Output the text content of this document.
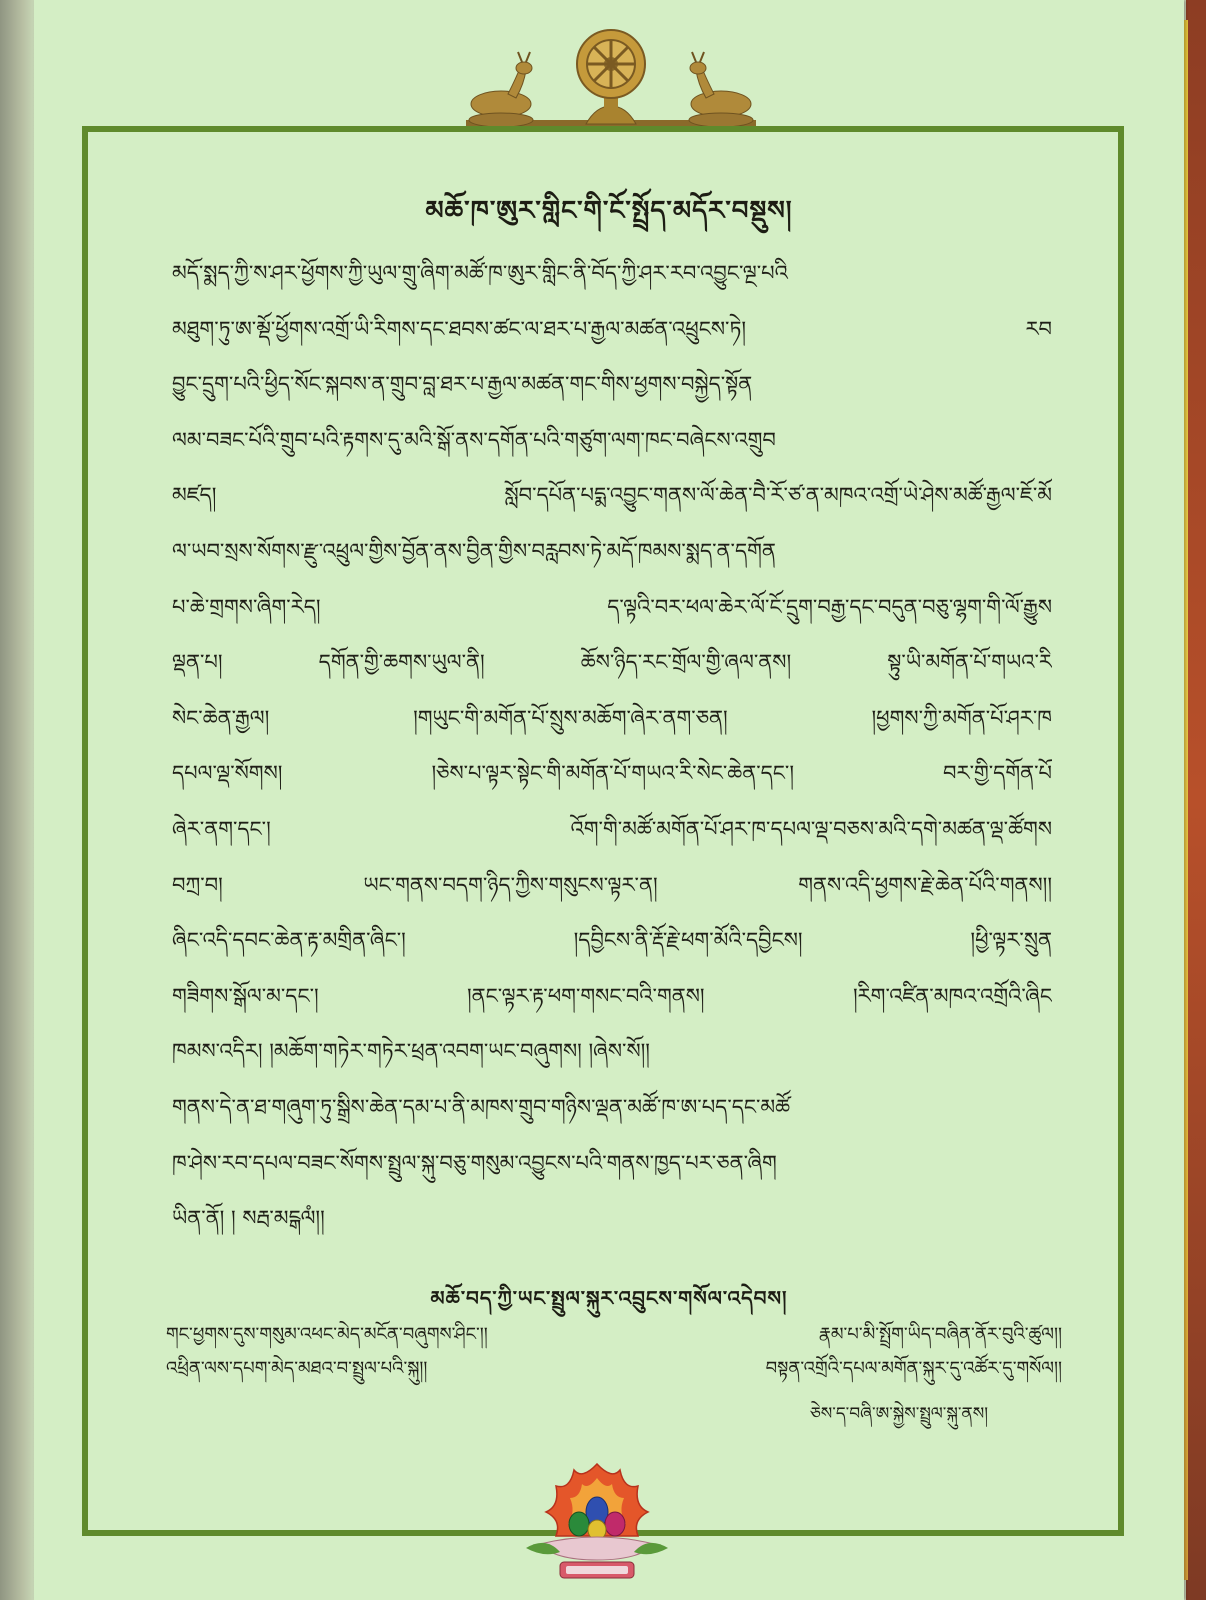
མཆོ་ཁ་ཨུར་གླིང་གི་ངོ་སྤྲོད་མདོར་བསྡུས།
མདོ་སྨད་ཀྱི་ས་ཤར་ཕྱོགས་ཀྱི་ཡུལ་གྲུ་ཞིག་མཚོ་ཁ་ཨུར་གླིང་ནི་བོད་ཀྱི་ཤར་རབ་འབྱུང་ལྔ་པའི
མཐུག་ཏུ་ཨ་མྡོ་ཕྱོགས་འགྲོ་ཡི་རིགས་དང་ཐབས་ཚང་ལ་ཐར་པ་རྒྱལ་མཚན་འཕྲུངས་ཏེ། རབ
བྱུང་དྲུག་པའི་ཕྱིད་སོང་སྐབས་ན་གྲུབ་བླ་ཐར་པ་རྒྱལ་མཚན་གང་གིས་ཕྱགས་བསྐྱེད་སྟོན
ལམ་བཟང་པོའི་གྲུབ་པའི་རྟགས་དུ་མའི་སྒོ་ནས་དགོན་པའི་གཙུག་ལག་ཁང་བཞེངས་འགྲུབ
མཛད། སློབ་དཔོན་པདྨ་འབྱུང་གནས་ལོ་ཆེན་བཻ་རོ་ཙ་ན་མཁའ་འགྲོ་ཡེ་ཤེས་མཚོ་རྒྱལ་ཇོ་མོ
ལ་ཡབ་སྲས་སོགས་རྫུ་འཕྲུལ་གྱིས་བྱོན་ནས་བྱིན་གྱིས་བརླབས་ཏེ་མདོ་ཁམས་སྨད་ན་དགོན
པ་ཆེ་གྲགས་ཞིག་རེད། ད་ལྟའི་བར་ཕལ་ཆེར་ལོ་ངོ་དྲུག་བརྒྱ་དང་བདུན་བཅུ་ལྷག་གི་ལོ་རྒྱུས
ལྡན་པ། དགོན་གྱི་ཆགས་ཡུལ་ནི། ཆོས་ཉིད་རང་གྲོལ་གྱི་ཞལ་ནས། སྟུ་ཡི་མགོན་པོ་གཡའ་རི
སེང་ཆེན་རྒྱལ། །གཡུང་གི་མགོན་པོ་སྲུས་མཆོག་ཞེར་ནག་ཅན། །ཕྱགས་ཀྱི་མགོན་པོ་ཤར་ཁ
དཔལ་ལྡ་སོགས། །ཅེས་པ་ལྟར་སྟེང་གི་མགོན་པོ་གཡའ་རི་སེང་ཆེན་དང་། བར་གྱི་དགོན་པོ
ཞེར་ནག་དང་། འོག་གི་མཚོ་མགོན་པོ་ཤར་ཁ་དཔལ་ལྡ་བཅས་མའི་དགེ་མཚན་ལྡ་ཚོགས
བཀྲ་བ། ཡང་གནས་བདག་ཉིད་ཀྱིས་གསུངས་ལྟར་ན། གནས་འདི་ཕྱགས་རྗེ་ཆེན་པོའི་གནས།།
ཞིང་འདི་དབང་ཆེན་རྟ་མགྲིན་ཞིང་། །དབྱིངས་ནི་རྡོ་རྗེ་ཕག་མོའི་དབྱིངས། །ཕྱི་ལྟར་སྲུན
གཟིགས་སྒོལ་མ་དང་། །ནང་ལྟར་རྟ་ཕག་གསང་བའི་གནས། །རིག་འཛིན་མཁའ་འགྲོའི་ཞིང
ཁམས་འདིར། །མཆོག་གཏེར་གཏེར་ཕྲན་འབག་ཡང་བཞུགས། །ཞེས་སོ།།
གནས་དེ་ན་ཐ་གཞུག་ཏུ་སྒྲིས་ཆེན་དམ་པ་ནི་མཁས་གྲུབ་གཉིས་ལྡན་མཚོ་ཁ་ཨ་པད་དང་མཚོ
ཁ་ཤེས་རབ་དཔལ་བཟང་སོགས་སྤྲུལ་སྐུ་བཅུ་གསུམ་འབྱུངས་པའི་གནས་ཁྱད་པར་ཅན་ཞིག
ཡིན་ནོ། ། སརྦ་མངྒལཾ།།
མཆོ་བད་ཀྱི་ཡང་སྤྲུལ་སྐུར་འབྲུངས་གསོལ་འདེབས།
གང་ཕྱགས་དུས་གསུམ་འཕང་མེད་མངོན་བཞུགས་ཤིང་།།	རྣམ་པ་མི་སྤྲོག་ཡིད་བཞིན་ནོར་བུའི་ཚུལ།།
འཕྲིན་ལས་དཔག་མེད་མཐའ་བ་སྤྲུལ་པའི་སྐུ།།	བསྟན་འགྲོའི་དཔལ་མགོན་སྐུར་དུ་འཚོར་དུ་གསོལ།།
ཅེས་ད་བཞི་ཨ་སྐྱེས་སྤྲུལ་སྐུ་ནས།
